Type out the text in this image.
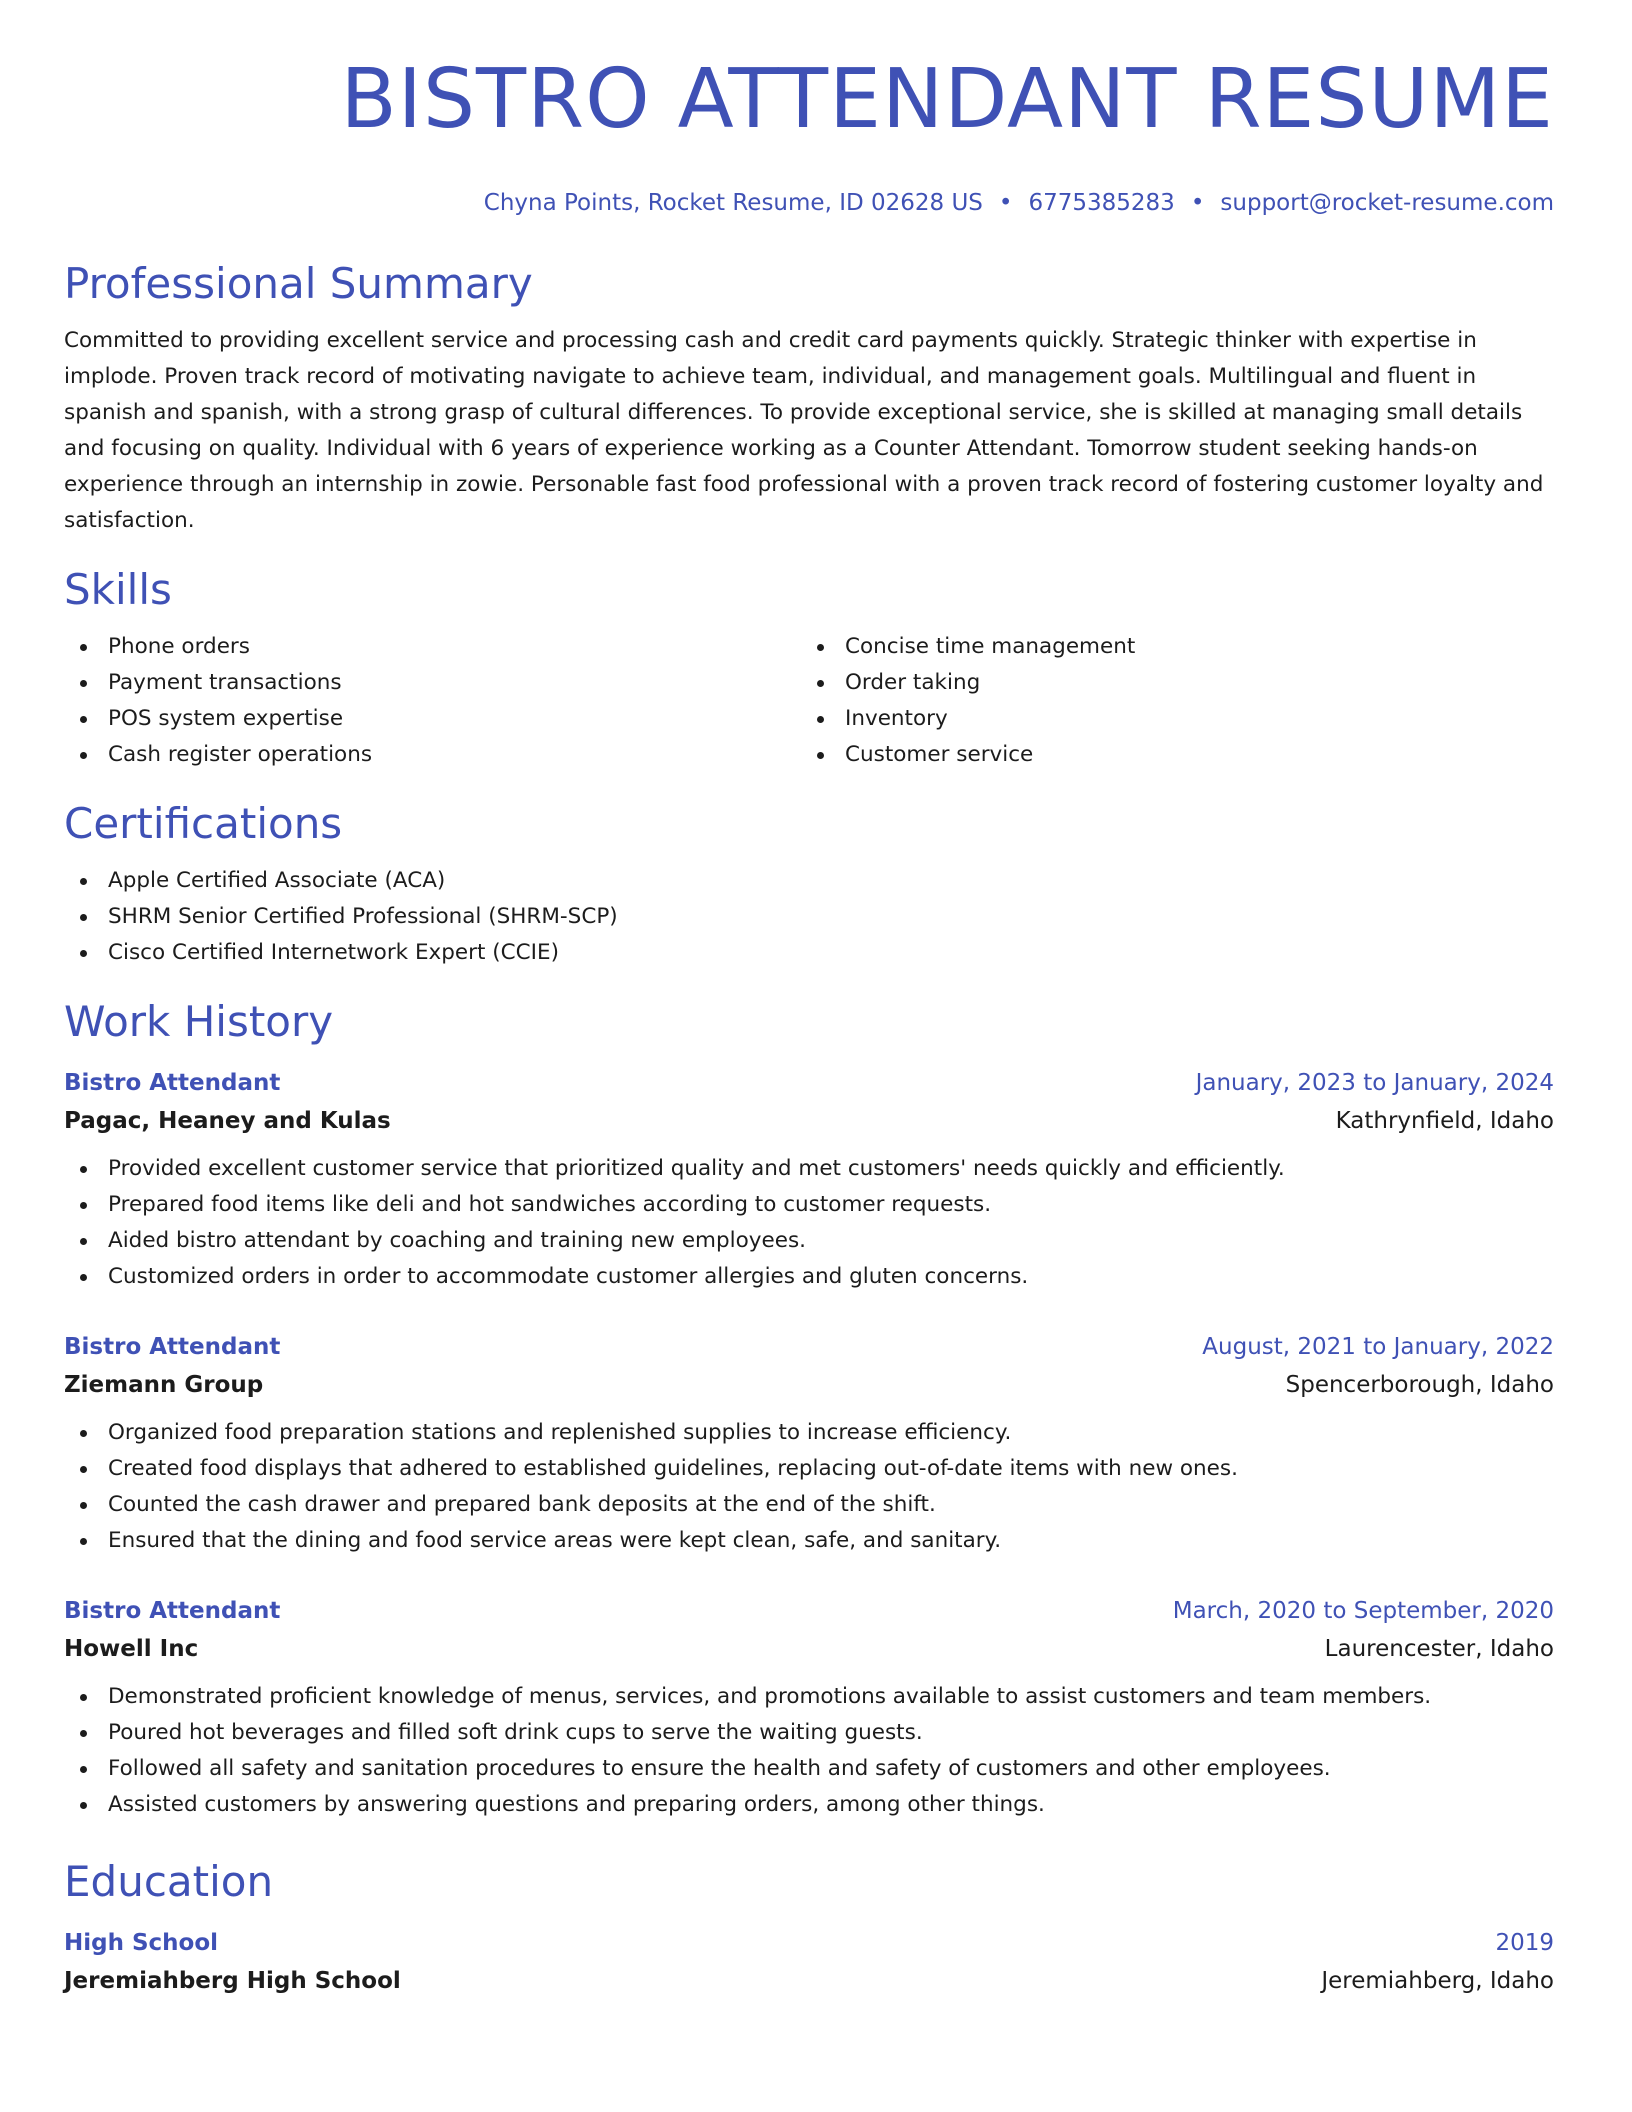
BISTRO ATTENDANT RESUME
Chyna Points, Rocket Resume, ID 02628 US • 6775385283 • support@rocket-resume.com
Professional Summary

Committed to providing excellent service and processing cash and credit card payments quickly. Strategic thinker with expertise in implode. Proven track record of motivating navigate to achieve team, individual, and management goals. Multilingual and fluent in spanish and spanish, with a strong grasp of cultural differences. To provide exceptional service, she is skilled at managing small details and focusing on quality. Individual with 6 years of experience working as a Counter Attendant. Tomorrow student seeking hands-on experience through an internship in zowie. Personable fast food professional with a proven track record of fostering customer loyalty and satisfaction.

Skills
Phone orders
Payment transactions
POS system expertise
Cash register operations
Concise time management
Order taking
Inventory
Customer service
Certifications
Apple Certified Associate (ACA)
SHRM Senior Certified Professional (SHRM-SCP)
Cisco Certified Internetwork Expert (CCIE)
Work History
Bistro Attendant	January, 2023 to January, 2024
Pagac, Heaney and Kulas	Kathrynfield, Idaho
Provided excellent customer service that prioritized quality and met customers' needs quickly and efficiently.
Prepared food items like deli and hot sandwiches according to customer requests.
Aided bistro attendant by coaching and training new employees.
Customized orders in order to accommodate customer allergies and gluten concerns.
Bistro Attendant	August, 2021 to January, 2022
Ziemann Group	Spencerborough, Idaho
Organized food preparation stations and replenished supplies to increase efficiency.
Created food displays that adhered to established guidelines, replacing out-of-date items with new ones.
Counted the cash drawer and prepared bank deposits at the end of the shift.
Ensured that the dining and food service areas were kept clean, safe, and sanitary.
Bistro Attendant	March, 2020 to September, 2020
Howell Inc	Laurencester, Idaho
Demonstrated proficient knowledge of menus, services, and promotions available to assist customers and team members.
Poured hot beverages and filled soft drink cups to serve the waiting guests.
Followed all safety and sanitation procedures to ensure the health and safety of customers and other employees.
Assisted customers by answering questions and preparing orders, among other things.
Education
High School	2019
Jeremiahberg High School	Jeremiahberg, Idaho
